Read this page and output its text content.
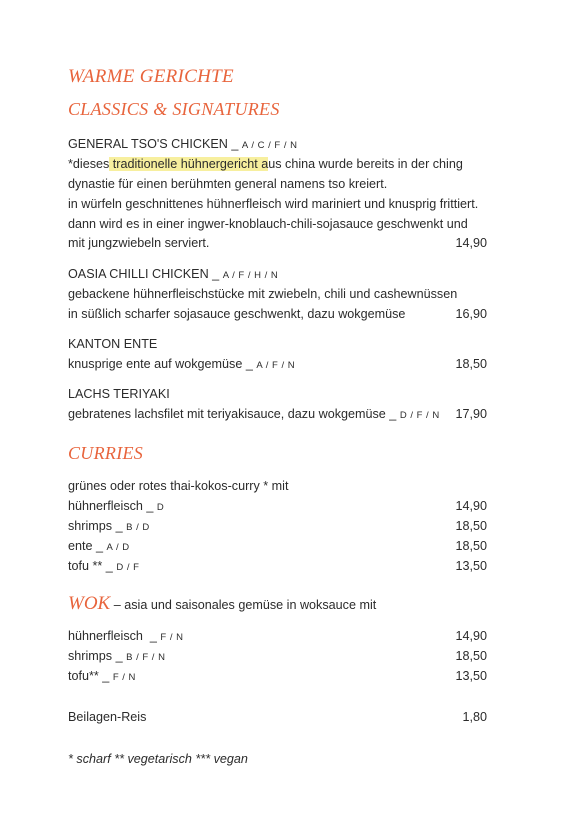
WARME GERICHTE
CLASSICS & SIGNATURES
GENERAL TSO'S CHICKEN _ A / C / F / N
*dieses traditionelle hühnergericht aus china wurde bereits in der ching
dynastie für einen berühmten general namens tso kreiert.
in würfeln geschnittenes hühnerfleisch wird mariniert und knusprig frittiert.
dann wird es in einer ingwer-knoblauch-chili-sojasauce geschwenkt und
mit jungzwiebeln serviert.	14,90
OASIA CHILLI CHICKEN _ A / F / H / N
gebackene hühnerfleischstücke mit zwiebeln, chili und cashewnüssen
in süßlich scharfer sojasauce geschwenkt, dazu wokgemüse	16,90
KANTON ENTE
knusprige ente auf wokgemüse _ A / F / N	18,50
LACHS TERIYAKI
gebratenes lachsfilet mit teriyakisauce, dazu wokgemüse _ D / F / N 17,90
CURRIES
grünes oder rotes thai-kokos-curry * mit
hühnerfleisch _ D	14,90
shrimps _ B / D	18,50
ente _ A / D	18,50
tofu ** _ D / F	13,50
WOK – asia und saisonales gemüse in woksauce mit
hühnerfleisch  _ F / N	14,90
shrimps _ B / F / N	18,50
tofu** _ F / N	13,50
Beilagen-Reis	1,80
* scharf ** vegetarisch *** vegan
